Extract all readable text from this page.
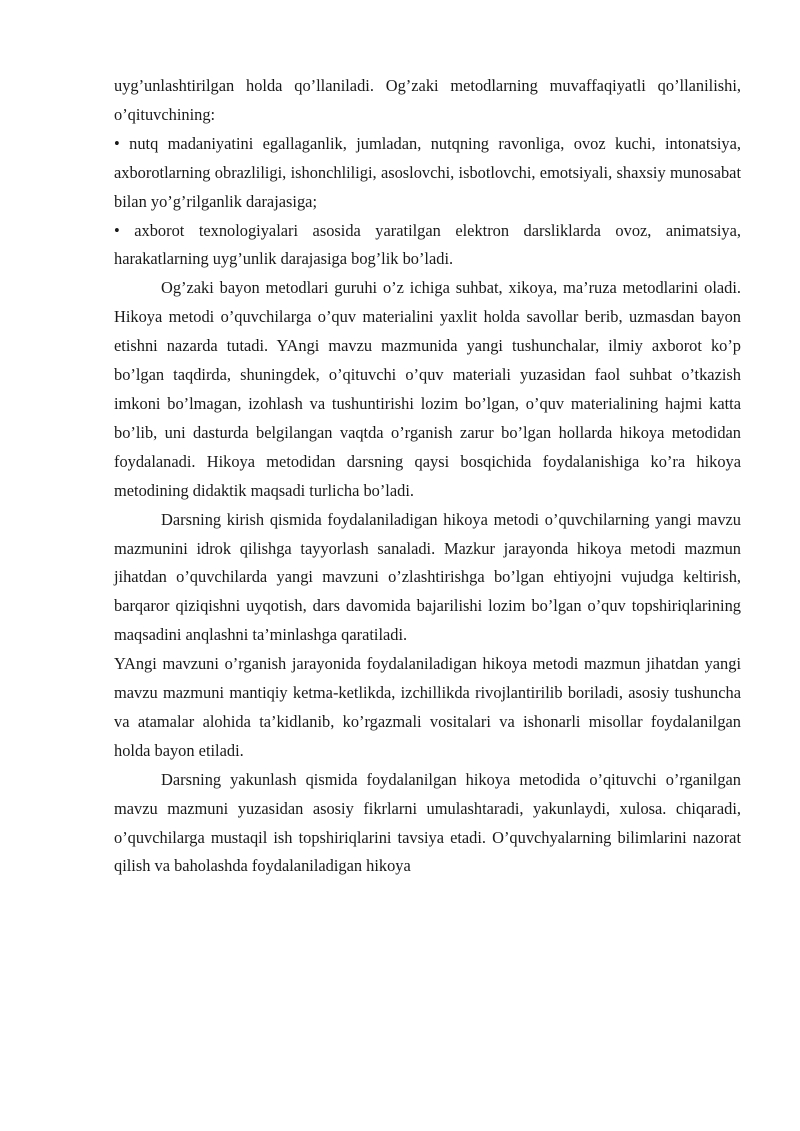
uyg’unlashtirilgan holda qo’llaniladi. Og’zaki metodlarning muvaffaqiyatli qo’llanilishi, o’qituvchining:

• nutq madaniyatini egallaganlik, jumladan, nutqning ravonliga, ovoz kuchi, intonatsiya, axborotlarning obrazliligi, ishonchliligi, asoslovchi, isbotlovchi, emotsiyali, shaxsiy munosabat bilan yo’g’rilganlik darajasiga;

• axborot texnologiyalari asosida yaratilgan elektron darsliklarda ovoz, animatsiya, harakatlarning uyg’unlik darajasiga bog’lik bo’ladi.

Og’zaki bayon metodlari guruhi o’z ichiga suhbat, xikoya, ma’ruza metodlarini oladi. Hikoya metodi o’quvchilarga o’quv materialini yaxlit holda savollar berib, uzmasdan bayon etishni nazarda tutadi. YAngi mavzu mazmunida yangi tushunchalar, ilmiy axborot ko’p bo’lgan taqdirda, shuningdek, o’qituvchi o’quv materiali yuzasidan faol suhbat o’tkazish imkoni bo’lmagan, izohlash va tushuntirishi lozim bo’lgan, o’quv materialining hajmi katta bo’lib, uni dasturda belgilangan vaqtda o’rganish zarur bo’lgan hollarda hikoya metodidan foydalanadi. Hikoya metodidan darsning qaysi bosqichida foydalanishiga ko’ra hikoya metodining didaktik maqsadi turlicha bo’ladi.

Darsning kirish qismida foydalaniladigan hikoya metodi o’quvchilarning yangi mavzu mazmunini idrok qilishga tayyorlash sanaladi. Mazkur jarayonda hikoya metodi mazmun jihatdan o’quvchilarda yangi mavzuni o’zlashtirishga bo’lgan ehtiyojni vujudga keltirish, barqaror qiziqishni uyqotish, dars davomida bajarilishi lozim bo’lgan o’quv topshiriqlarining maqsadini anqlashni ta’minlashga qaratiladi.

YAngi mavzuni o’rganish jarayonida foydalaniladigan hikoya metodi mazmun jihatdan yangi mavzu mazmuni mantiqiy ketma-ketlikda, izchillikda rivojlantirilib boriladi, asosiy tushuncha va atamalar alohida ta’kidlanib, ko’rgazmali vositalari va ishonarli misollar foydalanilgan holda bayon etiladi.

Darsning yakunlash qismida foydalanilgan hikoya metodida o’qituvchi o’rganilgan mavzu mazmuni yuzasidan asosiy fikrlarni umulashtaradi, yakunlaydi, xulosa. chiqaradi, o’quvchilarga mustaqil ish topshiriqlarini tavsiya etadi. O’quvchyalarning bilimlarini nazorat qilish va baholashda foydalaniladigan hikoya
